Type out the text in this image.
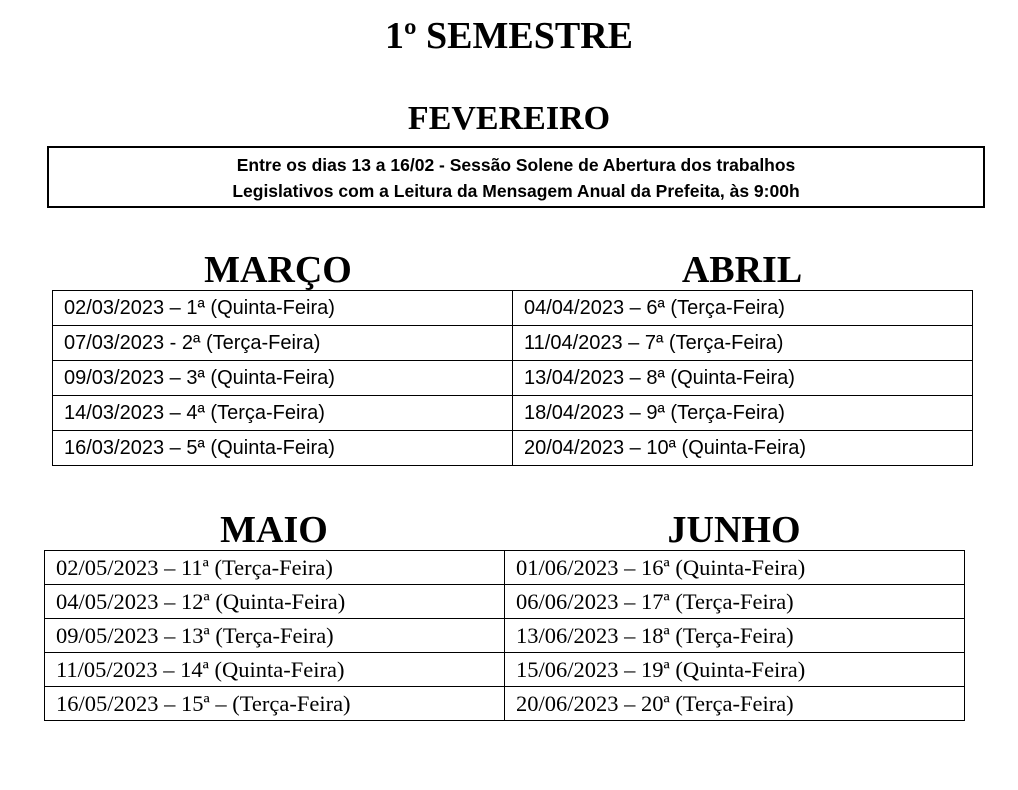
1º SEMESTRE
FEVEREIRO
Entre os dias 13 a 16/02 - Sessão Solene de Abertura dos trabalhos
Legislativos com a Leitura da Mensagem Anual da Prefeita, às 9:00h
MARÇO	ABRIL
02/03/2023 – 1ª (Quinta-Feira)	04/04/2023 – 6ª (Terça-Feira)
07/03/2023 - 2ª (Terça-Feira)	11/04/2023 – 7ª (Terça-Feira)
09/03/2023 – 3ª (Quinta-Feira)	13/04/2023 – 8ª (Quinta-Feira)
14/03/2023 – 4ª (Terça-Feira)	18/04/2023 – 9ª (Terça-Feira)
16/03/2023 – 5ª (Quinta-Feira)	20/04/2023 – 10ª (Quinta-Feira)
MAIO	JUNHO
02/05/2023 – 11ª (Terça-Feira)	01/06/2023 – 16ª (Quinta-Feira)
04/05/2023 – 12ª (Quinta-Feira)	06/06/2023 – 17ª (Terça-Feira)
09/05/2023 – 13ª (Terça-Feira)	13/06/2023 – 18ª (Terça-Feira)
11/05/2023 – 14ª (Quinta-Feira)	15/06/2023 – 19ª (Quinta-Feira)
16/05/2023 – 15ª – (Terça-Feira)	20/06/2023 – 20ª (Terça-Feira)
